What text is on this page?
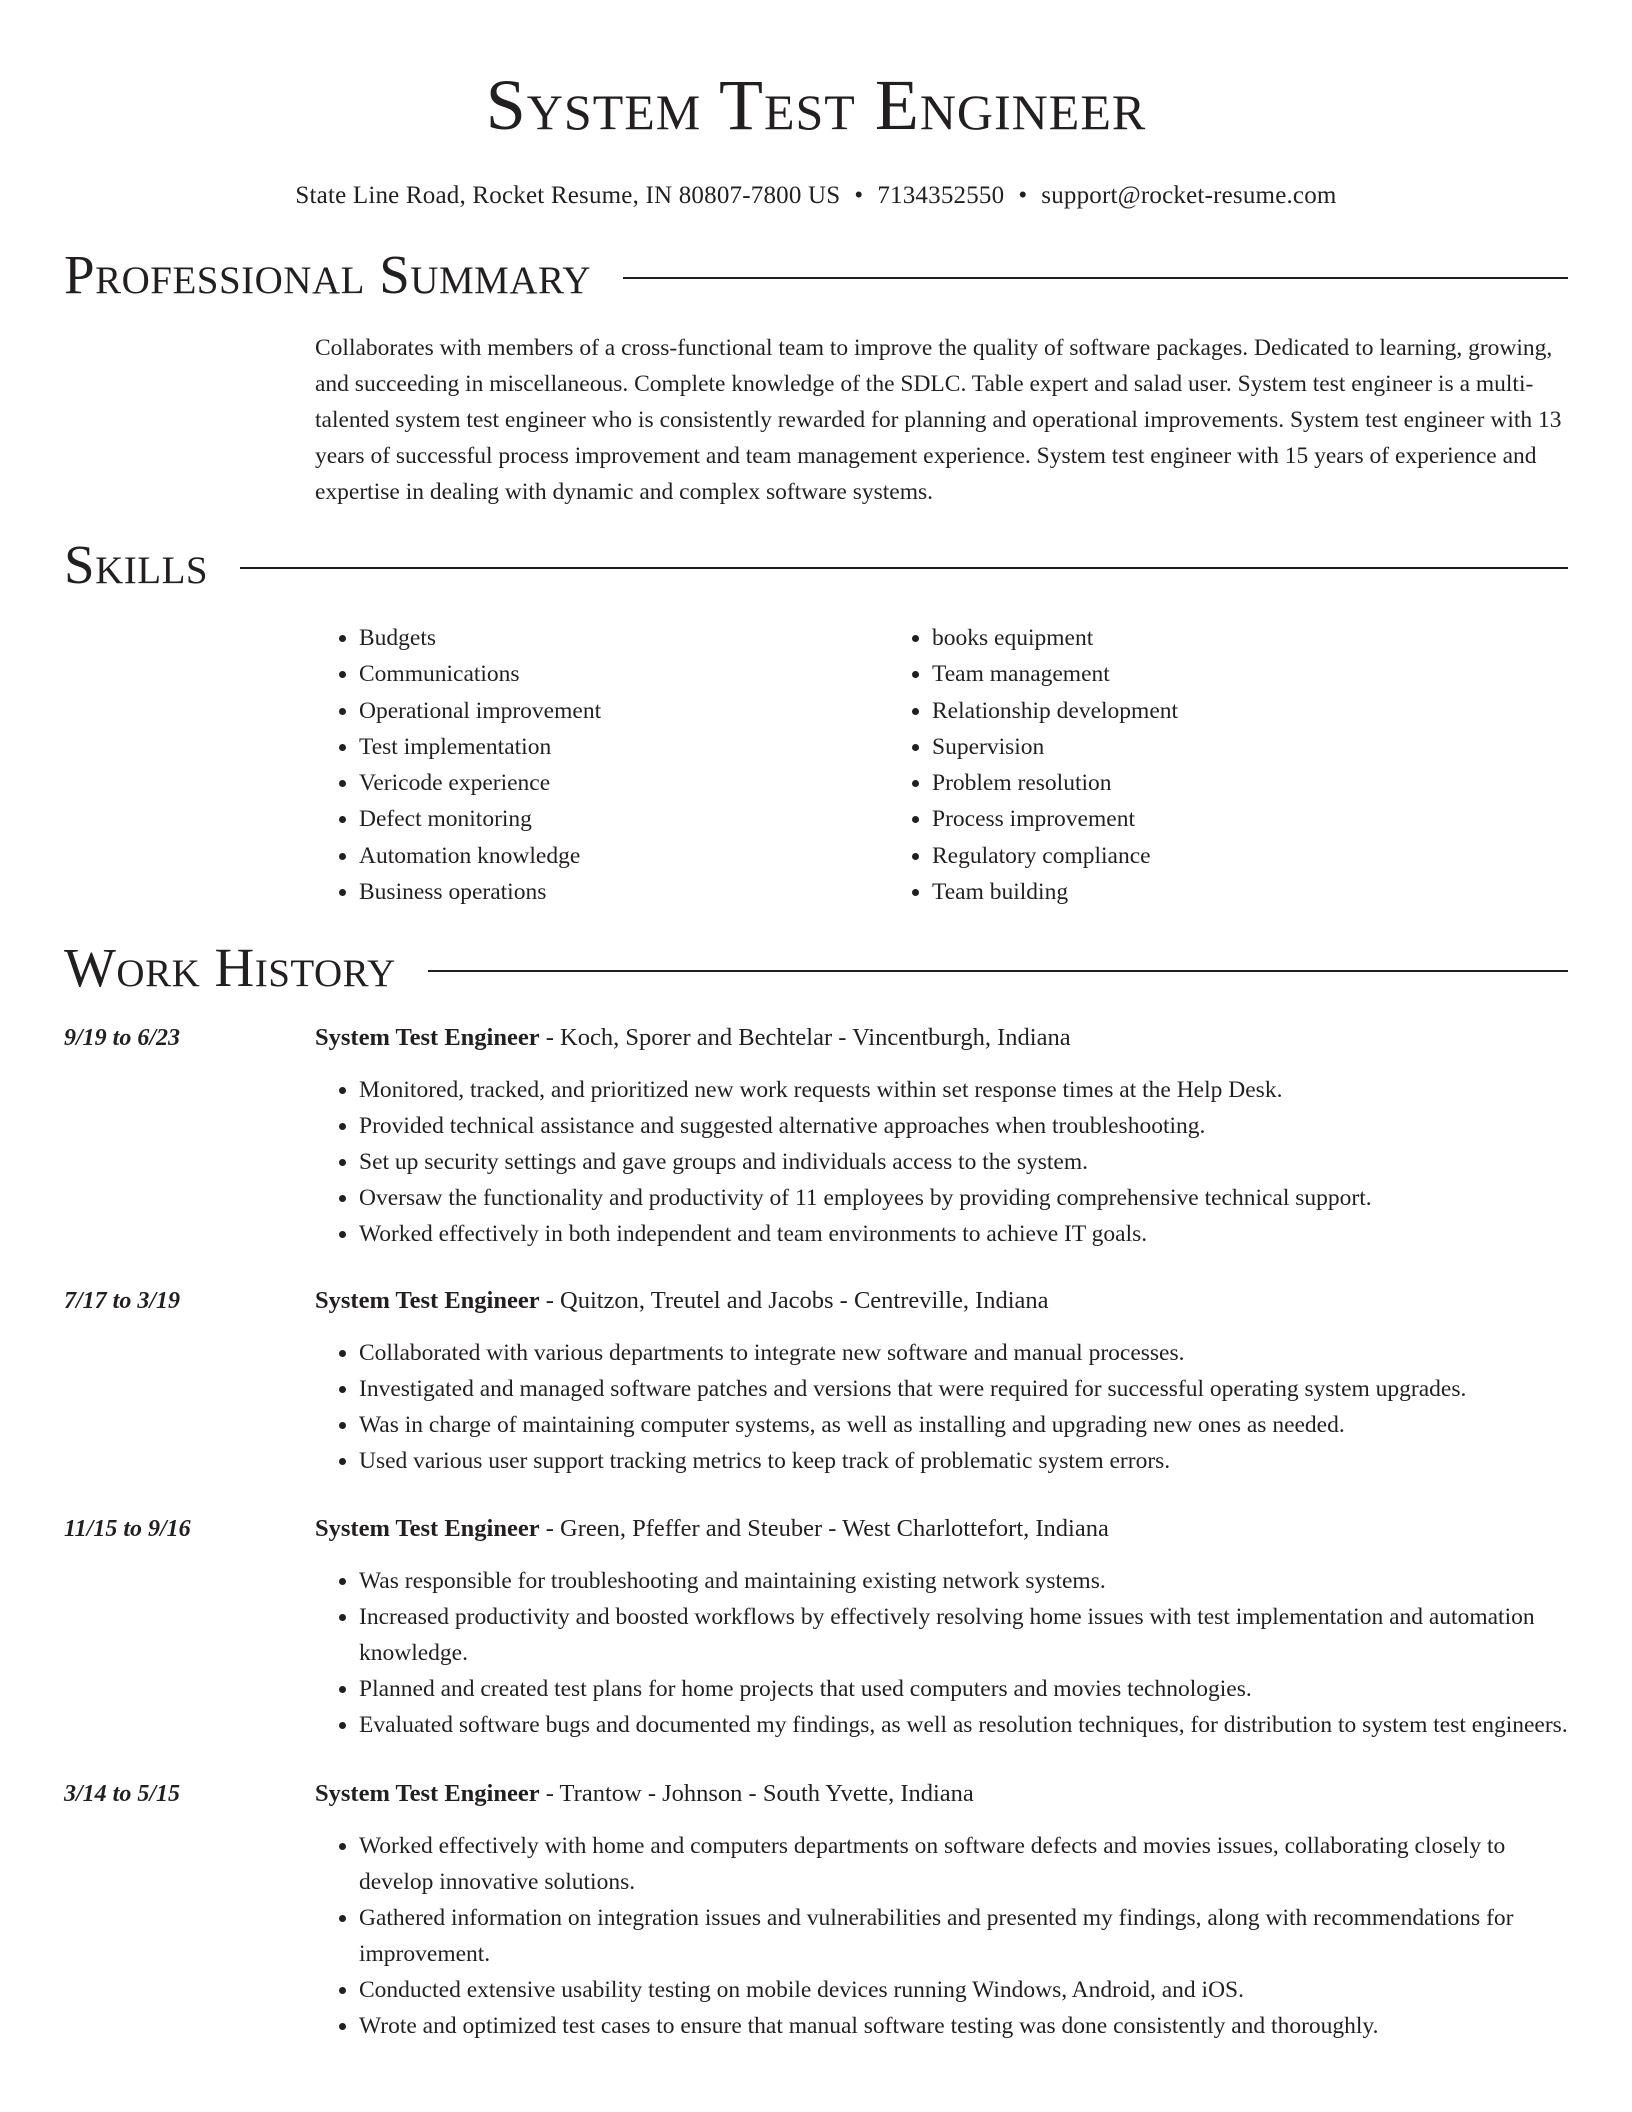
System Test Engineer
State Line Road, Rocket Resume, IN 80807-7800 US • 7134352550 • support@rocket-resume.com
Professional Summary
Collaborates with members of a cross-functional team to improve the quality of software packages. Dedicated to learning, growing, and succeeding in miscellaneous. Complete knowledge of the SDLC. Table expert and salad user. System test engineer is a multi-talented system test engineer who is consistently rewarded for planning and operational improvements. System test engineer with 13 years of successful process improvement and team management experience. System test engineer with 15 years of experience and expertise in dealing with dynamic and complex software systems.
Skills
• Budgets
• Communications
• Operational improvement
• Test implementation
• Vericode experience
• Defect monitoring
• Automation knowledge
• Business operations
• books equipment
• Team management
• Relationship development
• Supervision
• Problem resolution
• Process improvement
• Regulatory compliance
• Team building
Work History
9/19 to 6/23	System Test Engineer - Koch, Sporer and Bechtelar - Vincentburgh, Indiana
• Monitored, tracked, and prioritized new work requests within set response times at the Help Desk.
• Provided technical assistance and suggested alternative approaches when troubleshooting.
• Set up security settings and gave groups and individuals access to the system.
• Oversaw the functionality and productivity of 11 employees by providing comprehensive technical support.
• Worked effectively in both independent and team environments to achieve IT goals.
7/17 to 3/19	System Test Engineer - Quitzon, Treutel and Jacobs - Centreville, Indiana
• Collaborated with various departments to integrate new software and manual processes.
• Investigated and managed software patches and versions that were required for successful operating system upgrades.
• Was in charge of maintaining computer systems, as well as installing and upgrading new ones as needed.
• Used various user support tracking metrics to keep track of problematic system errors.
11/15 to 9/16	System Test Engineer - Green, Pfeffer and Steuber - West Charlottefort, Indiana
• Was responsible for troubleshooting and maintaining existing network systems.
• Increased productivity and boosted workflows by effectively resolving home issues with test implementation and automation knowledge.
• Planned and created test plans for home projects that used computers and movies technologies.
• Evaluated software bugs and documented my findings, as well as resolution techniques, for distribution to system test engineers.
3/14 to 5/15	System Test Engineer - Trantow - Johnson - South Yvette, Indiana
• Worked effectively with home and computers departments on software defects and movies issues, collaborating closely to develop innovative solutions.
• Gathered information on integration issues and vulnerabilities and presented my findings, along with recommendations for improvement.
• Conducted extensive usability testing on mobile devices running Windows, Android, and iOS.
• Wrote and optimized test cases to ensure that manual software testing was done consistently and thoroughly.
